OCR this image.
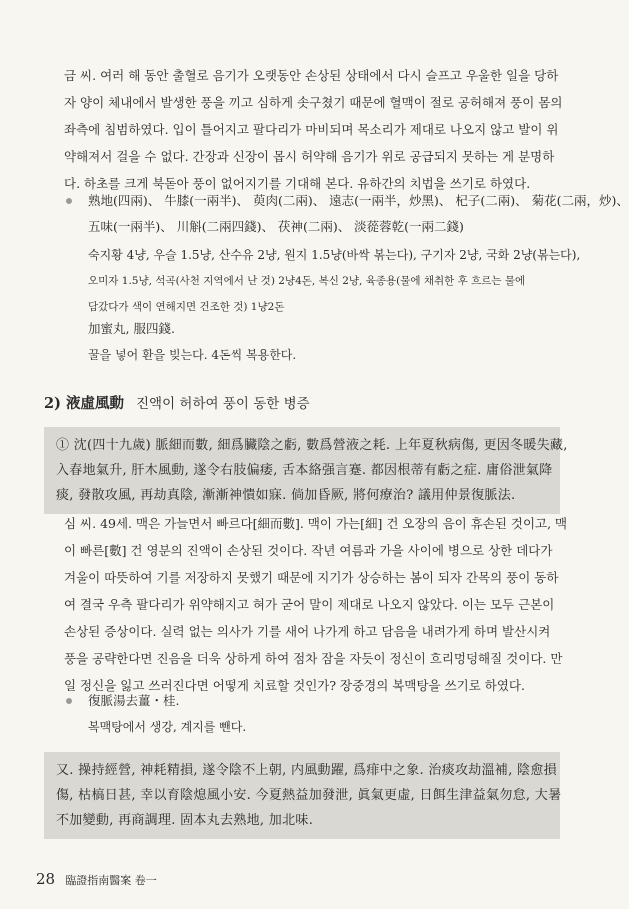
금 씨. 여러 해 동안 출혈로 음기가 오랫동안 손상된 상태에서 다시 슬프고 우울한 일을 당하
자 양이 체내에서 발생한 풍을 끼고 심하게 솟구쳤기 때문에 혈맥이 절로 공허해져 풍이 몸의
좌측에 침범하였다. 입이 틀어지고 팔다리가 마비되며 목소리가 제대로 나오지 않고 발이 위
약해져서 걸을 수 없다. 간장과 신장이 몹시 허약해 음기가 위로 공급되지 못하는 게 분명하
다. 하초를 크게 북돋아 풍이 없어지기를 기대해 본다. 유하간의 치법을 쓰기로 하였다.
熟地(四兩)、 牛膝(一兩半)、 萸肉(二兩)、 遠志(一兩半，炒黑)、 杞子(二兩)、 菊花(二兩，炒)、
五味(一兩半)、 川斛(二兩四錢)、 茯神(二兩)、 淡蓯蓉乾(一兩二錢)
숙지황 4냥, 우슬 1.5냥, 산수유 2냥, 원지 1.5냥(바싹 볶는다), 구기자 2냥, 국화 2냥(볶는다),
오미자 1.5냥, 석곡(사천 지역에서 난 것) 2냥4돈, 복신 2냥, 육종용(물에 채취한 후 흐르는 물에
담갔다가 색이 연해지면 건조한 것) 1냥2돈
加蜜丸, 服四錢.
꿀을 넣어 환을 빚는다. 4돈씩 복용한다.
2) 液虛風動 진액이 허하여 풍이 동한 병증
① 沈(四十九歲) 脈細而數, 細爲臟陰之虧, 數爲營液之耗. 上年夏秋病傷, 更因冬暖失藏,
入春地氣升, 肝木風動, 遂令右肢偏痿, 舌本絡强言蹇. 都因根蒂有虧之症. 庸俗泄氣降
痰, 發散攻風, 再劫真陰, 漸漸神憒如寐. 倘加昏厥, 將何療治? 議用仲景復脈法.
심 씨. 49세. 맥은 가늘면서 빠르다[細而數]. 맥이 가는[細] 건 오장의 음이 휴손된 것이고, 맥
이 빠른[數] 건 영분의 진액이 손상된 것이다. 작년 여름과 가을 사이에 병으로 상한 데다가
겨울이 따뜻하여 기를 저장하지 못했기 때문에 지기가 상승하는 봄이 되자 간목의 풍이 동하
여 결국 우측 팔다리가 위약해지고 혀가 굳어 말이 제대로 나오지 않았다. 이는 모두 근본이
손상된 증상이다. 실력 없는 의사가 기를 새어 나가게 하고 담음을 내려가게 하며 발산시켜
풍을 공략한다면 진음을 더욱 상하게 하여 점차 잠을 자듯이 정신이 흐리멍덩해질 것이다. 만
일 정신을 잃고 쓰러진다면 어떻게 치료할 것인가? 장중경의 복맥탕을 쓰기로 하였다.
復脈湯去薑・桂.
복맥탕에서 생강, 계지를 뺀다.
又. 操持經營, 神耗精損, 遂令陰不上朝, 内風動躍, 爲痱中之象. 治痰攻劫溫補, 陰愈損
傷, 枯槁日甚, 幸以育陰熄風小安. 今夏熱益加發泄, 眞氣更虛, 日餌生津益氣勿怠, 大暑
不加變動, 再商調理. 固本丸去熟地, 加北味.
28 臨證指南醫案 卷一
